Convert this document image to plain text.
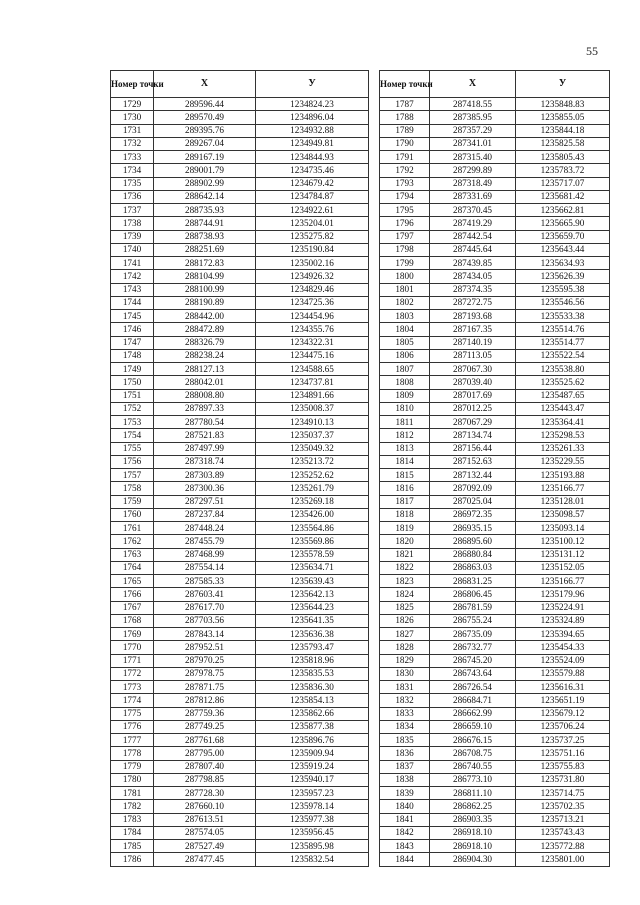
55
Номер точки	X	У
1729	289596.44	1234824.23
1730	289570.49	1234896.04
1731	289395.76	1234932.88
1732	289267.04	1234949.81
1733	289167.19	1234844.93
1734	289001.79	1234735.46
1735	288902.99	1234679.42
1736	288642.14	1234784.87
1737	288735.93	1234922.61
1738	288744.91	1235204.01
1739	288738.93	1235275.82
1740	288251.69	1235190.84
1741	288172.83	1235002.16
1742	288104.99	1234926.32
1743	288100.99	1234829.46
1744	288190.89	1234725.36
1745	288442.00	1234454.96
1746	288472.89	1234355.76
1747	288326.79	1234322.31
1748	288238.24	1234475.16
1749	288127.13	1234588.65
1750	288042.01	1234737.81
1751	288008.80	1234891.66
1752	287897.33	1235008.37
1753	287780.54	1234910.13
1754	287521.83	1235037.37
1755	287497.99	1235049.32
1756	287318.74	1235213.72
1757	287303.89	1235252.62
1758	287300.36	1235261.79
1759	287297.51	1235269.18
1760	287237.84	1235426.00
1761	287448.24	1235564.86
1762	287455.79	1235569.86
1763	287468.99	1235578.59
1764	287554.14	1235634.71
1765	287585.33	1235639.43
1766	287603.41	1235642.13
1767	287617.70	1235644.23
1768	287703.56	1235641.35
1769	287843.14	1235636.38
1770	287952.51	1235793.47
1771	287970.25	1235818.96
1772	287978.75	1235835.53
1773	287871.75	1235836.30
1774	287812.86	1235854.13
1775	287759.36	1235862.66
1776	287749.25	1235877.38
1777	287761.68	1235896.76
1778	287795.00	1235909.94
1779	287807.40	1235919.24
1780	287798.85	1235940.17
1781	287728.30	1235957.23
1782	287660.10	1235978.14
1783	287613.51	1235977.38
1784	287574.05	1235956.45
1785	287527.49	1235895.98
1786	287477.45	1235832.54
Номер точки	X	У
1787	287418.55	1235848.83
1788	287385.95	1235855.05
1789	287357.29	1235844.18
1790	287341.01	1235825.58
1791	287315.40	1235805.43
1792	287299.89	1235783.72
1793	287318.49	1235717.07
1794	287331.69	1235681.42
1795	287370.45	1235662.81
1796	287419.29	1235665.90
1797	287442.54	1235659.70
1798	287445.64	1235643.44
1799	287439.85	1235634.93
1800	287434.05	1235626.39
1801	287374.35	1235595.38
1802	287272.75	1235546.56
1803	287193.68	1235533.38
1804	287167.35	1235514.76
1805	287140.19	1235514.77
1806	287113.05	1235522.54
1807	287067.30	1235538.80
1808	287039.40	1235525.62
1809	287017.69	1235487.65
1810	287012.25	1235443.47
1811	287067.29	1235364.41
1812	287134.74	1235298.53
1813	287156.44	1235261.33
1814	287152.63	1235229.55
1815	287132.44	1235193.88
1816	287092.09	1235166.77
1817	287025.04	1235128.01
1818	286972.35	1235098.57
1819	286935.15	1235093.14
1820	286895.60	1235100.12
1821	286880.84	1235131.12
1822	286863.03	1235152.05
1823	286831.25	1235166.77
1824	286806.45	1235179.96
1825	286781.59	1235224.91
1826	286755.24	1235324.89
1827	286735.09	1235394.65
1828	286732.77	1235454.33
1829	286745.20	1235524.09
1830	286743.64	1235579.88
1831	286726.54	1235616.31
1832	286684.71	1235651.19
1833	286662.99	1235679.12
1834	286659.10	1235706.24
1835	286676.15	1235737.25
1836	286708.75	1235751.16
1837	286740.55	1235755.83
1838	286773.10	1235731.80
1839	286811.10	1235714.75
1840	286862.25	1235702.35
1841	286903.35	1235713.21
1842	286918.10	1235743.43
1843	286918.10	1235772.88
1844	286904.30	1235801.00
